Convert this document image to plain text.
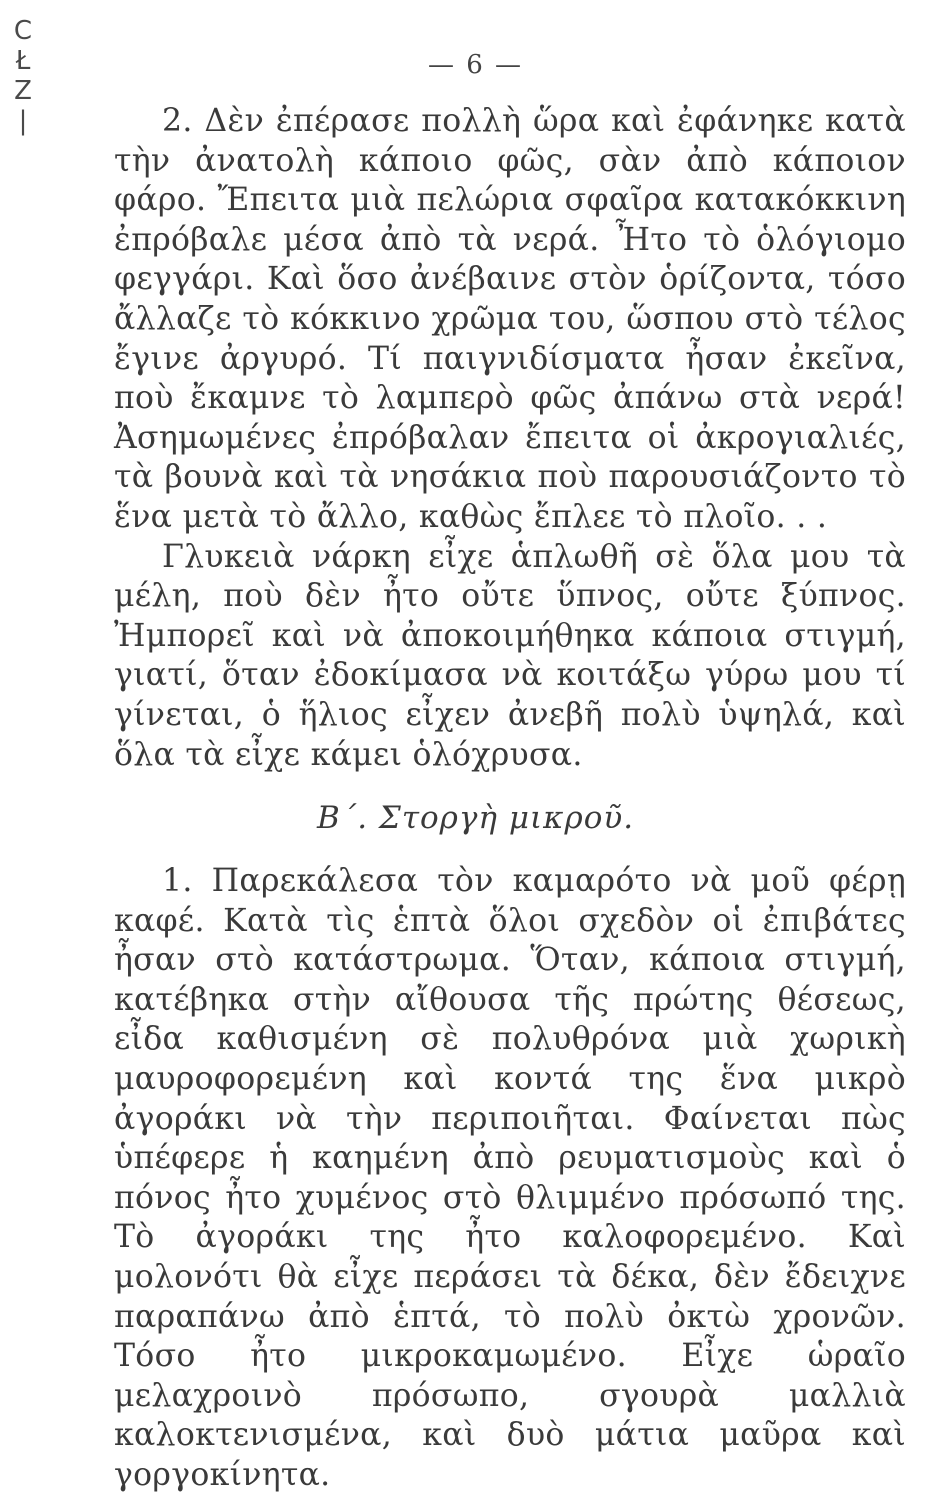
C
Ł
Z
|
— 6 —

2. Δὲν ἐπέρασε πολλὴ ὥρα καὶ ἐφάνηκε κατὰ τὴν ἀνατολὴ κάποιο φῶς, σὰν ἀπὸ κάποιον φάρο. Ἔπειτα μιὰ πελώρια σφαῖρα κατακόκκινη ἐπρόβαλε μέσα ἀπὸ τὰ νερά. Ἦτο τὸ ὁλόγιομο φεγγάρι. Καὶ ὅσο ἀνέβαινε στὸν ὁρίζοντα, τόσο ἄλλαζε τὸ κόκκινο χρῶμα του, ὥσπου στὸ τέλος ἔγινε ἀργυρό. Τί παιγνιδίσματα ἦσαν ἐκεῖνα, ποὺ ἔκαμνε τὸ λαμπερὸ φῶς ἀπάνω στὰ νερά! Ἀσημωμένες ἐπρόβαλαν ἔπειτα οἱ ἀκρογιαλιές, τὰ βουνὰ καὶ τὰ νησάκια ποὺ παρουσιάζοντο τὸ ἕνα μετὰ τὸ ἄλλο, καθὼς ἔπλεε τὸ πλοῖο. . .

Γλυκειὰ νάρκη εἶχε ἁπλωθῆ σὲ ὅλα μου τὰ μέλη, ποὺ δὲν ἦτο οὔτε ὕπνος, οὔτε ξύπνος. Ἠμπορεῖ καὶ νὰ ἀποκοιμήθηκα κάποια στιγμή, γιατί, ὅταν ἐδοκίμασα νὰ κοιτάξω γύρω μου τί γίνεται, ὁ ἥλιος εἶχεν ἀνεβῆ πολὺ ὑψηλά, καὶ ὅλα τὰ εἶχε κάμει ὁλόχρυσα.

Β΄. Στοργὴ μικροῦ.

1. Παρεκάλεσα τὸν καμαρότο νὰ μοῦ φέρῃ καφέ. Κατὰ τὶς ἑπτὰ ὅλοι σχεδὸν οἱ ἐπιβάτες ἦσαν στὸ κατάστρωμα. Ὅταν, κάποια στιγμή, κατέβηκα στὴν αἴθουσα τῆς πρώτης θέσεως, εἶδα καθισμένη σὲ πολυθρόνα μιὰ χωρικὴ μαυροφορεμένη καὶ κοντά της ἕνα μικρὸ ἀγοράκι νὰ τὴν περιποιῆται. Φαίνεται πὼς ὑπέφερε ἡ καημένη ἀπὸ ρευματισμοὺς καὶ ὁ πόνος ἦτο χυμένος στὸ θλιμμένο πρόσωπό της. Τὸ ἀγοράκι της ἦτο καλοφορεμένο. Καὶ μολονότι θὰ εἶχε περάσει τὰ δέκα, δὲν ἔδειχνε παραπάνω ἀπὸ ἑπτά, τὸ πολὺ ὀκτὼ χρονῶν. Τόσο ἦτο μικροκαμωμένο. Εἶχε ὡραῖο μελαχροινὸ πρόσωπο, σγουρὰ μαλλιὰ καλοκτενισμένα, καὶ δυὸ μάτια μαῦρα καὶ γοργοκίνητα.
